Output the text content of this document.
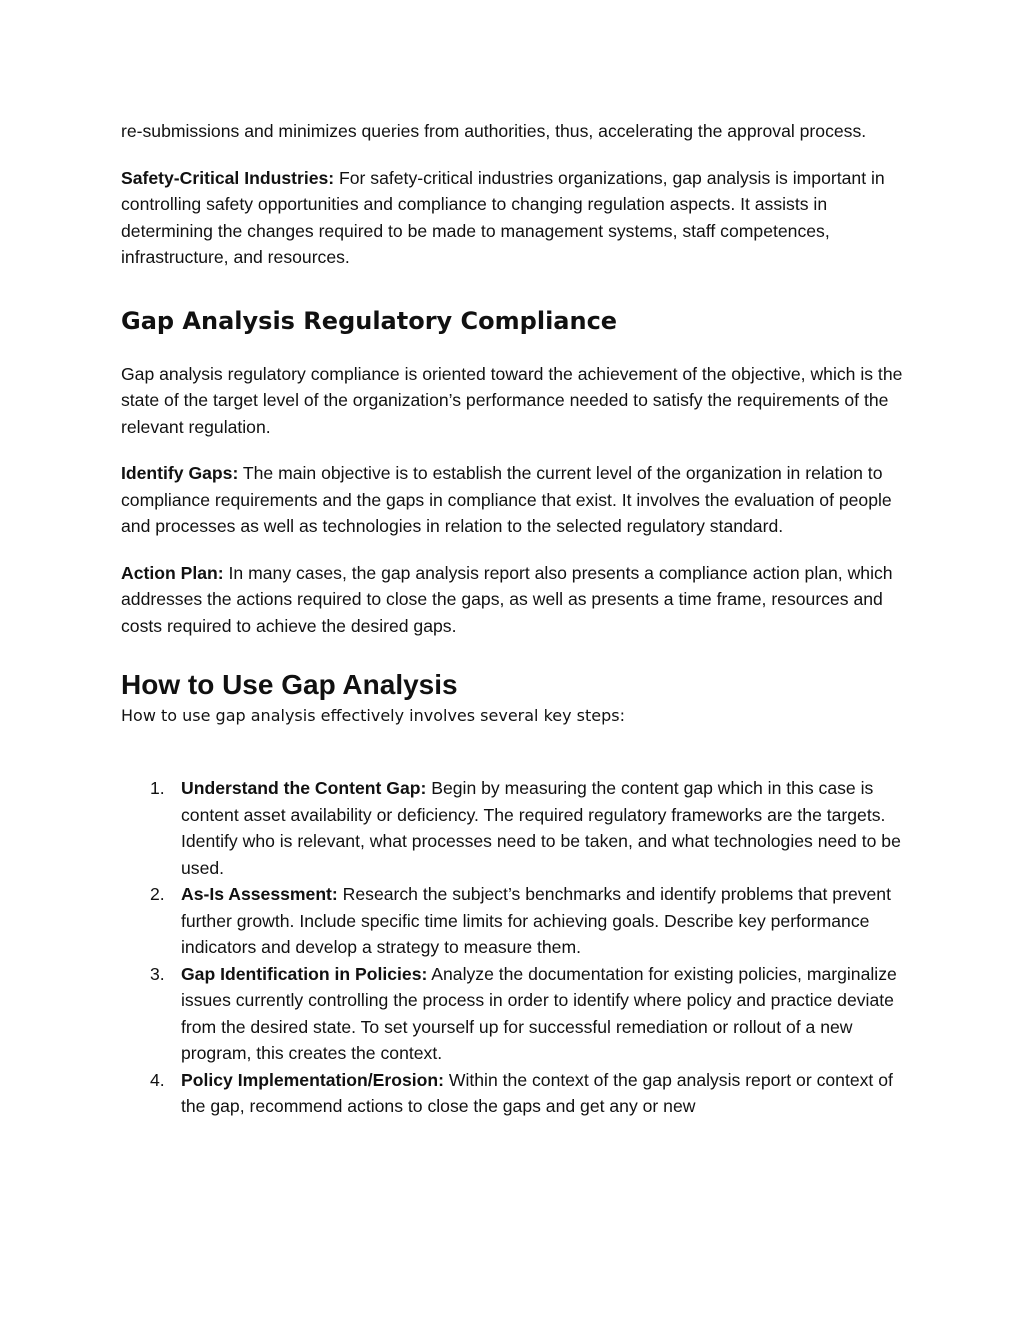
re-submissions and minimizes queries from authorities, thus, accelerating the approval process.

Safety-Critical Industries: For safety-critical industries organizations, gap analysis is important in controlling safety opportunities and compliance to changing regulation aspects. It assists in determining the changes required to be made to management systems, staff competences, infrastructure, and resources.

Gap Analysis Regulatory Compliance

Gap analysis regulatory compliance is oriented toward the achievement of the objective, which is the state of the target level of the organization’s performance needed to satisfy the requirements of the relevant regulation.

Identify Gaps: The main objective is to establish the current level of the organization in relation to compliance requirements and the gaps in compliance that exist. It involves the evaluation of people and processes as well as technologies in relation to the selected regulatory standard.

Action Plan: In many cases, the gap analysis report also presents a compliance action plan, which addresses the actions required to close the gaps, as well as presents a time frame, resources and costs required to achieve the desired gaps.

How to Use Gap Analysis
How to use gap analysis effectively involves several key steps:
1. Understand the Content Gap: Begin by measuring the content gap which in this case is content asset availability or deficiency. The required regulatory frameworks are the targets. Identify who is relevant, what processes need to be taken, and what technologies need to be used.
2. As-Is Assessment: Research the subject’s benchmarks and identify problems that prevent further growth. Include specific time limits for achieving goals. Describe key performance indicators and develop a strategy to measure them.
3. Gap Identification in Policies: Analyze the documentation for existing policies, marginalize issues currently controlling the process in order to identify where policy and practice deviate from the desired state. To set yourself up for successful remediation or rollout of a new program, this creates the context.
4. Policy Implementation/Erosion: Within the context of the gap analysis report or context of the gap, recommend actions to close the gaps and get any or new
